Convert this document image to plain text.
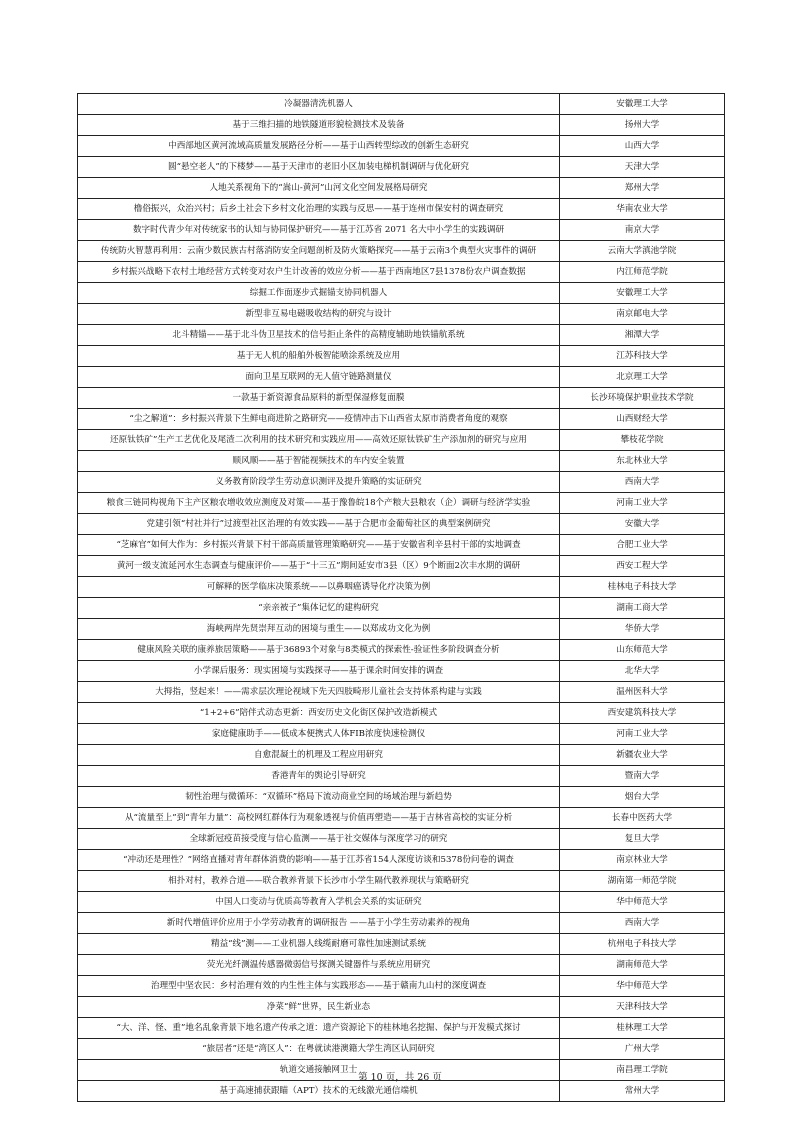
冷凝器清洗机器人	安徽理工大学
基于三维扫描的地铁隧道形貌检测技术及装备	扬州大学
中西部地区黄河流域高质量发展路径分析——基于山西转型综改的创新生态研究	山西大学
圆“悬空老人”的下楼梦——基于天津市的老旧小区加装电梯机制调研与优化研究	天津大学
人地关系视角下的“嵩山-黄河”山河文化空间发展格局研究	郑州大学
橹俗振兴，众治兴村；后乡土社会下乡村文化治理的实践与反思——基于连州市保安村的调查研究	华南农业大学
数字时代青少年对传统家书的认知与协同保护研究——基于江苏省 2071 名大中小学生的实践调研	南京大学
传统防火智慧再利用：云南少数民族古村落消防安全问题剖析及防火策略探究——基于云南3个典型火灾事件的调研	云南大学滇池学院
乡村振兴战略下农村土地经营方式转变对农户生计改善的效应分析——基于西南地区7县1378份农户调查数据	内江师范学院
综掘工作面逐步式掘锚支协同机器人	安徽理工大学
新型非互易电磁吸收结构的研究与设计	南京邮电大学
北斗精锚——基于北斗伪卫星技术的信号拒止条件的高精度辅助地铁锚航系统	湘潭大学
基于无人机的船舶外板智能喷涂系统及应用	江苏科技大学
面向卫星互联网的无人值守链路测量仪	北京理工大学
一款基于新资源食品原料的新型保湿修复面膜	长沙环境保护职业技术学院
“尘之解道”：乡村振兴背景下生鲜电商进阶之路研究——疫情冲击下山西省太原市消费者角度的观察	山西财经大学
还原钛铁矿”生产工艺优化及尾渣二次利用的技术研究和实践应用——高效还原钛铁矿生产添加剂的研究与应用	攀枝花学院
顺风顺——基于智能视频技术的车内安全装置	东北林业大学
义务教育阶段学生劳动意识测评及提升策略的实证研究	西南大学
粮食三链同构视角下主产区粮农增收效应测度及对策——基于豫鲁皖18个产粮大县粮农（企）调研与经济学实验	河南工业大学
党建引领“村社并行”过渡型社区治理的有效实践——基于合肥市金葡萄社区的典型案例研究	安徽大学
“芝麻官”如何大作为：乡村振兴背景下村干部高质量管理策略研究——基于安徽省利辛县村干部的实地调查	合肥工业大学
黄河一级支流延河水生态调查与健康评价——基于“十三五”期间延安市3县（区）9个断面2次丰水期的调研	西安工程大学
可解释的医学临床决策系统——以鼻咽癌诱导化疗决策为例	桂林电子科技大学
“亲亲被子”集体记忆的建构研究	湖南工商大学
海峡两岸先贤崇拜互动的困境与重生——以郑成功文化为例	华侨大学
健康风险关联的康养旅居策略——基于36893个对象与8类模式的探索性-验证性多阶段调查分析	山东师范大学
小学课后服务：现实困境与实践探寻——基于课余时间安排的调查	北华大学
大拇指，竖起来！——需求层次理论视域下先天四肢畸形儿童社会支持体系构建与实践	温州医科大学
“1+2+6”陪伴式动态更新：西安历史文化街区保护改造新模式	西安建筑科技大学
家庭健康助手——低成本便携式人体FIB浓度快速检测仪	河南工业大学
自愈混凝土的机理及工程应用研究	新疆农业大学
香港青年的舆论引导研究	暨南大学
韧性治理与微循环：“双循环”格局下流动商业空间的场域治理与新趋势	烟台大学
从“流量至上”到“青年力量”：高校网红群体行为观象透视与价值再塑造——基于吉林省高校的实证分析	长春中医药大学
全球新冠疫苗接受度与信心监测——基于社交媒体与深度学习的研究	复旦大学
“冲动还是理性？”网络直播对青年群体消费的影响——基于江苏省154人深度访谈和5378份问卷的调查	南京林业大学
相扑对村，教养合道——联合教养背景下长沙市小学生隔代教养现状与策略研究	湖南第一师范学院
中国人口变动与优质高等教育入学机会关系的实证研究	华中师范大学
新时代增值评价应用于小学劳动教育的调研报告 ——基于小学生劳动素养的视角	西南大学
精益“线”测——工业机器人线缆耐磨可靠性加速测试系统	杭州电子科技大学
荧光光纤测温传感器微弱信号探测关键器件与系统应用研究	湖南师范大学
治理型中坚农民：乡村治理有效的内生性主体与实践形态——基于赣南九山村的深度调查	华中师范大学
净菜“鲜”世界，民生新业态	天津科技大学
“大、洋、怪、重”地名乱象背景下地名遗产传承之道：遗产资源论下的桂林地名挖掘、保护与开发模式探讨	桂林理工大学
“旅居者”还是“湾区人”：在粤就读港澳籍大学生湾区认同研究	广州大学
轨道交通接触网卫士	南昌理工学院
基于高速捕获跟瞄（APT）技术的无线激光通信端机	常州大学
第 10 页，共 26 页
